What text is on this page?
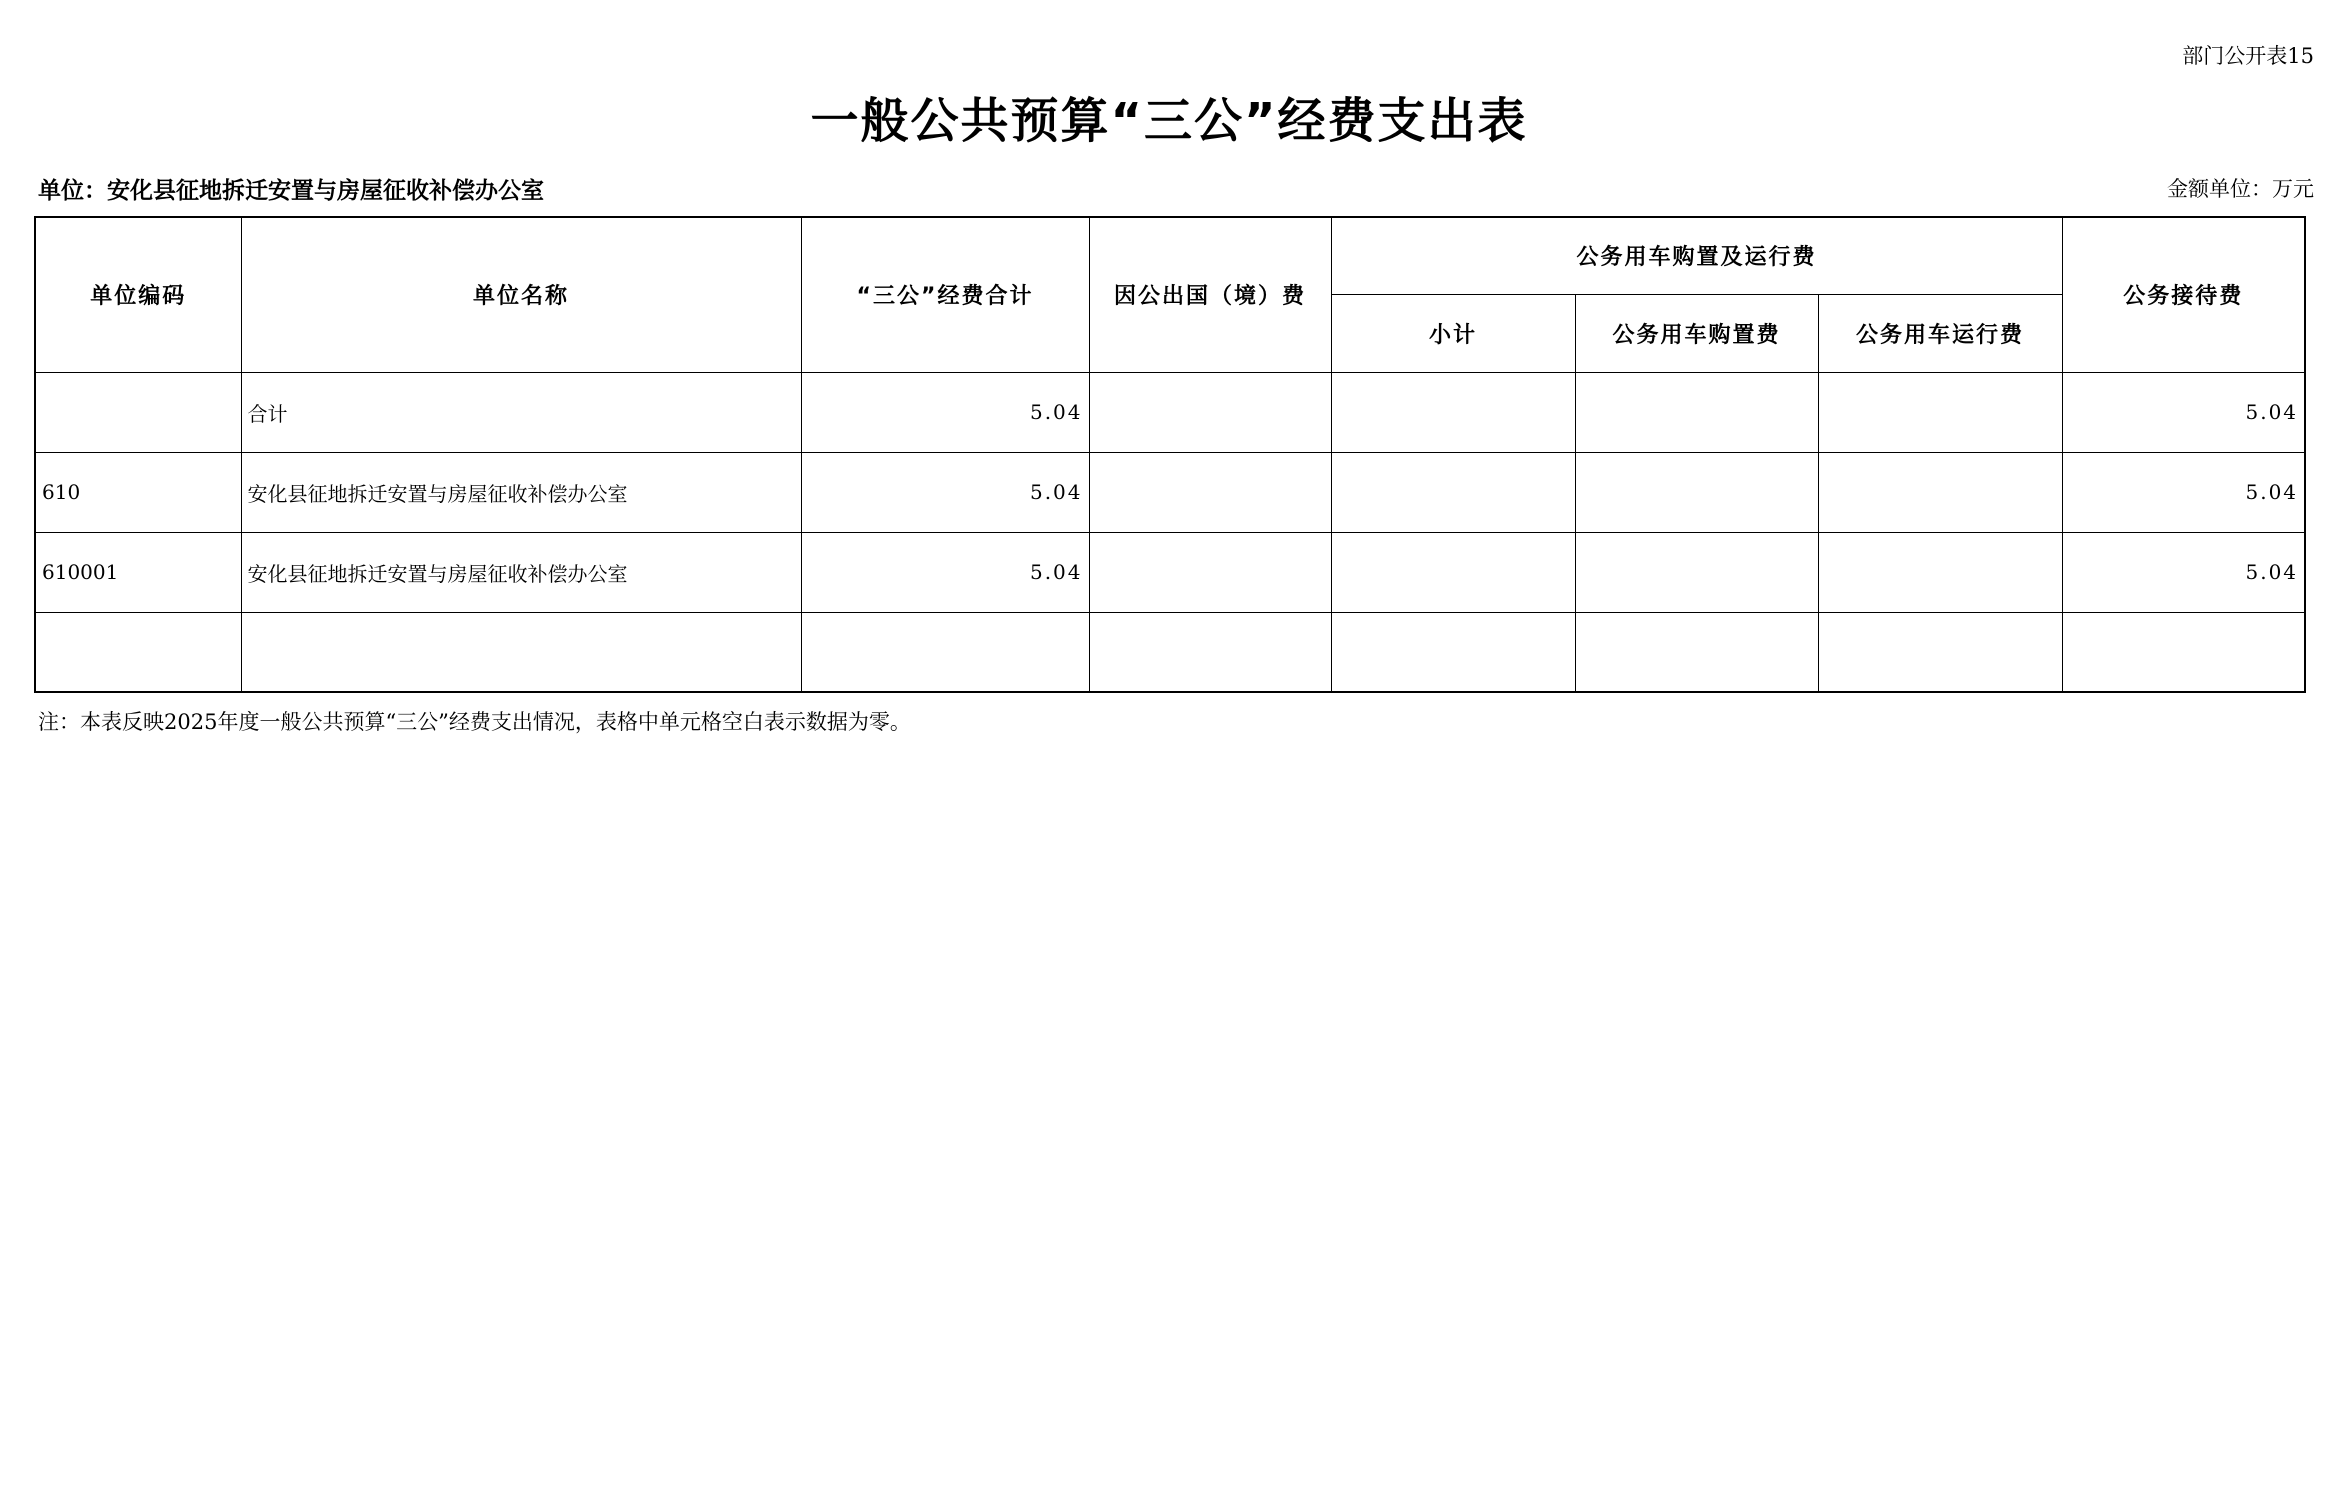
部门公开表15
一般公共预算“三公”经费支出表
单位：安化县征地拆迁安置与房屋征收补偿办公室	金额单位：万元
单位编码	单位名称	“三公”经费合计	因公出国（境）费	公务用车购置及运行费			公务接待费
				小计	公务用车购置费	公务用车运行费	
	合计	5.04					5.04
610	安化县征地拆迁安置与房屋征收补偿办公室	5.04					5.04
610001	安化县征地拆迁安置与房屋征收补偿办公室	5.04					5.04

注：本表反映2025年度一般公共预算“三公”经费支出情况，表格中单元格空白表示数据为零。
